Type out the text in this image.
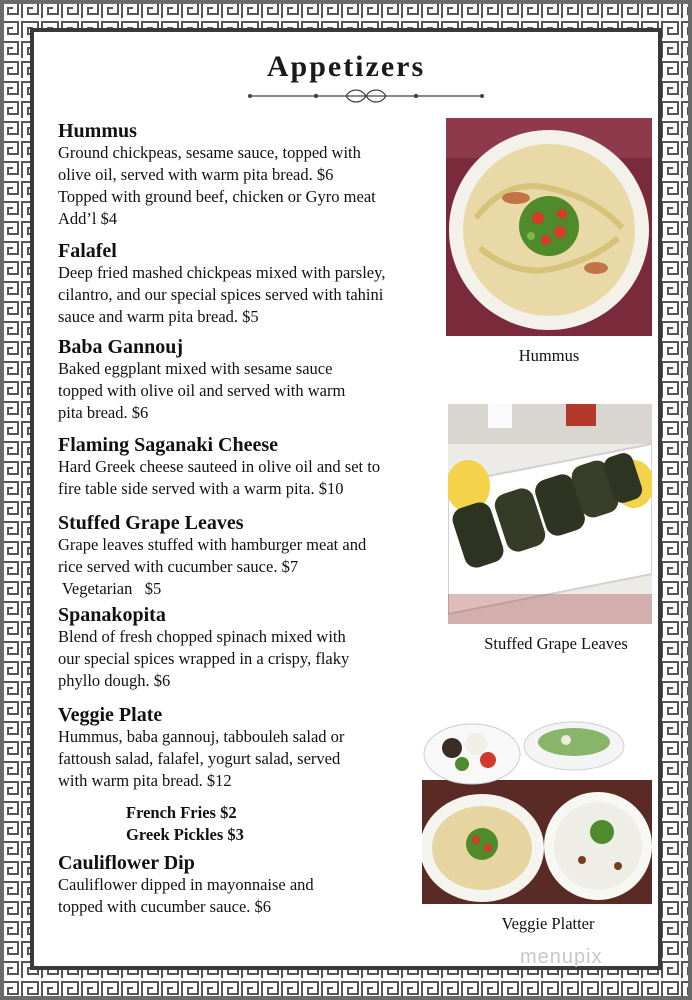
Appetizers
Hummus
Ground chickpeas, sesame sauce, topped with
olive oil, served with warm pita bread. $6
Topped with ground beef, chicken or Gyro meat
Add’l $4
Falafel
Deep fried mashed chickpeas mixed with parsley,
cilantro, and our special spices served with tahini
sauce and warm pita bread. $5
Baba Gannouj
Baked eggplant mixed with sesame sauce
topped with olive oil and served with warm
pita bread. $6
Flaming Saganaki Cheese
Hard Greek cheese sauteed in olive oil and set to
fire table side served with a warm pita. $10
Stuffed Grape Leaves
Grape leaves stuffed with hamburger meat and
rice served with cucumber sauce. $7
Vegetarian   $5
Spanakopita
Blend of fresh chopped spinach mixed with
our special spices wrapped in a crispy, flaky
phyllo dough. $6
Veggie Plate
Hummus, baba gannouj, tabbouleh salad or
fattoush salad, falafel, yogurt salad, served
with warm pita bread. $12
French Fries $2
Greek Pickles $3
Cauliflower Dip
Cauliflower dipped in mayonnaise and
topped with cucumber sauce. $6
Hummus
Stuffed Grape Leaves
Veggie Platter
menupix
